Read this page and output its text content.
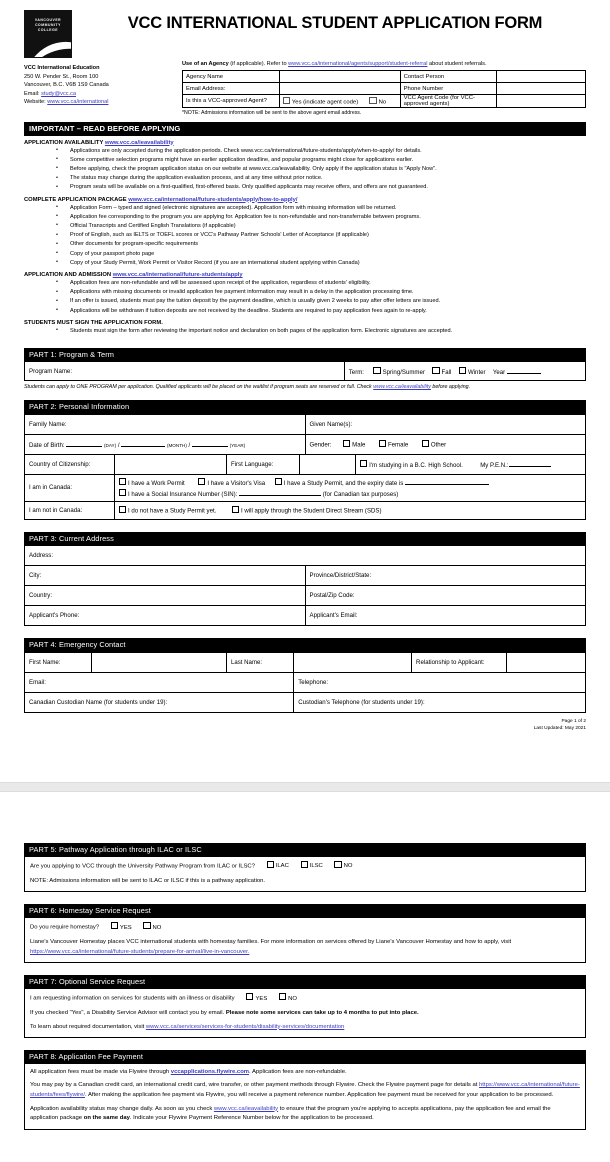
VANCOUVER
COMMUNITY
COLLEGE	VCC INTERNATIONAL STUDENT APPLICATION FORM
VCC International Education
250 W. Pender St., Room 100
Vancouver, B.C. V6B 1S9 Canada
Email: study@vcc.ca
Website: www.vcc.ca/international
Use of an Agency (if applicable). Refer to www.vcc.ca/international/agents/support/student-referral about student referrals.
Agency Name		Contact Person	
Email Address:		Phone Number	
Is this a VCC-approved Agent?	Yes (indicate agent code) No	VCC Agent Code (for VCC-approved agents)	
*NOTE: Admissions information will be sent to the above agent email address.
IMPORTANT – READ BEFORE APPLYING
APPLICATION AVAILABILITY www.vcc.ca/ieavailability
• Applications are only accepted during the application periods. Check www.vcc.ca/international/future-students/apply/when-to-apply/ for details.
• Some competitive selection programs might have an earlier application deadline, and popular programs might close for applications earlier.
• Before applying, check the program application status on our website at www.vcc.ca/ieavailability. Only apply if the application status is "Apply Now".
• The status may change during the application evaluation process, and at any time without prior notice.
• Program seats will be available on a first-qualified, first-offered basis. Only qualified applicants may receive offers, and offers are not guaranteed.
COMPLETE APPLICATION PACKAGE www.vcc.ca/international/future-students/apply/how-to-apply/
• Application Form – typed and signed (electronic signatures are accepted). Application form with missing information will be returned.
• Application fee corresponding to the program you are applying for. Application fee is non-refundable and non-transferrable between programs.
• Official Transcripts and Certified English Translations (if applicable)
• Proof of English, such as IELTS or TOEFL scores or VCC's Pathway Partner Schools' Letter of Acceptance (if applicable)
• Other documents for program-specific requirements
• Copy of your passport photo page
• Copy of your Study Permit, Work Permit or Visitor Record (if you are an international student applying within Canada)
APPLICATION AND ADMISSION www.vcc.ca/international/future-students/apply
• Application fees are non-refundable and will be assessed upon receipt of the application, regardless of students' eligibility.
• Applications with missing documents or invalid application fee payment information may result in a delay in the application processing time.
• If an offer is issued, students must pay the tuition deposit by the payment deadline, which is usually given 2 weeks to pay after offer letters are issued.
• Applications will be withdrawn if tuition deposits are not received by the deadline. Students are required to pay application fees again to re-apply.
STUDENTS MUST SIGN THE APPLICATION FORM.
• Students must sign the form after reviewing the important notice and declaration on both pages of the application form. Electronic signatures are accepted.
PART 1: Program & Term
Program Name:	Term:	Spring/Summer	Fall	Winter Year
Students can apply to ONE PROGRAM per application. Qualified applicants will be placed on the waitlist if program seats are reserved or full. Check www.vcc.ca/ieavailability before applying.
PART 2: Personal Information
Family Name:	Given Name(s):
Date of Birth: (DAY) / (MONTH) / (YEAR)	Gender: Male Female Other
Country of Citizenship:		First Language:		I'm studying in a B.C. High School. My P.E.N.:
I am in Canada:	I have a Work Permit I have a Visitor's Visa I have a Study Permit, and the expiry date is
I have a Social Insurance Number (SIN): (for Canadian tax purposes)			

I am not in Canada:	I do not have a Study Permit yet. I will apply through the Student Direct Stream (SDS)			
PART 3: Current Address
Address:	
City:	Province/District/State:
Country:	Postal/Zip Code:
Applicant's Phone:	Applicant's Email:
PART 4: Emergency Contact
First Name:		Last Name:		Relationship to Applicant:	
Email:			Telephone:		
Canadian Custodian Name (for students under 19):			Custodian's Telephone (for students under 19):		
Page 1 of 2
Last Updated: May 2021
PART 5: Pathway Application through ILAC or ILSC

Are you applying to VCC through the University Pathway Program from ILAC or ILSC?	ILAC	ILSC	NO

NOTE: Admissions information will be sent to ILAC or ILSC if this is a pathway application.

PART 6: Homestay Service Request

Do you require homestay?	YES	NO

Liane's Vancouver Homestay places VCC international students with homestay families. For more information on services offered by Liane's Vancouver Homestay and how to apply, visit https://www.vcc.ca/international/future-students/prepare-for-arrival/live-in-vancouver.

PART 7: Optional Service Request

I am requesting information on services for students with an illness or disability	YES	NO

If you checked "Yes", a Disability Service Advisor will contact you by email. Please note some services can take up to 4 months to put into place.

To learn about required documentation, visit www.vcc.ca/services/services-for-students/disability-services/documentation

PART 8: Application Fee Payment

All application fees must be made via Flywire through vccapplications.flywire.com. Application fees are non-refundable.

You may pay by a Canadian credit card, an international credit card, wire transfer, or other payment methods through Flywire. Check the Flywire payment page for details at https://www.vcc.ca/international/future-students/fees/flywire/. After making the application fee payment via Flywire, you will receive a payment reference number. Application fee payment must be received for your application to be processed.

Application availability status may change daily. As soon as you check www.vcc.ca/ieavailability to ensure that the program you're applying to accepts applications, pay the application fee and email the application package on the same day. Indicate your Flywire Payment Reference Number below for the application to be processed.
